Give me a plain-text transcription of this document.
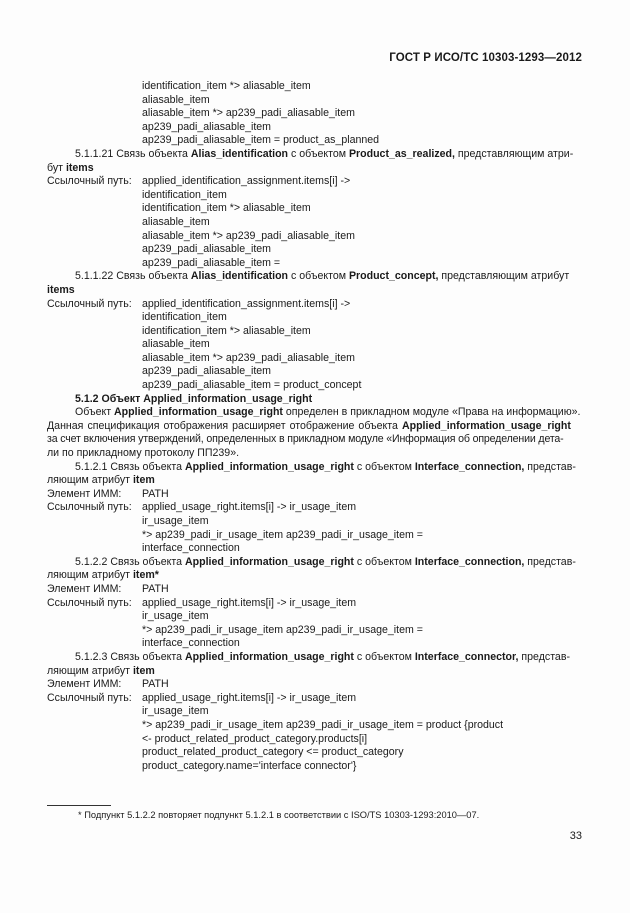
ГОСТ Р ИСО/ТС 10303-1293—2012
identification_item *> aliasable_item
aliasable_item
aliasable_item *> ap239_padi_aliasable_item
ap239_padi_aliasable_item
ap239_padi_aliasable_item = product_as_planned
5.1.1.21 Связь объекта Alias_identification с объектом Product_as_realized, представляющим атри-
бут items
Ссылочный путь: applied_identification_assignment.items[i] ->
identification_item
identification_item *> aliasable_item
aliasable_item
aliasable_item *> ap239_padi_aliasable_item
ap239_padi_aliasable_item
ap239_padi_aliasable_item =
5.1.1.22 Связь объекта Alias_identification с объектом Product_concept, представляющим атрибут
items
Ссылочный путь: applied_identification_assignment.items[i] ->
identification_item
identification_item *> aliasable_item
aliasable_item
aliasable_item *> ap239_padi_aliasable_item
ap239_padi_aliasable_item
ap239_padi_aliasable_item = product_concept
5.1.2 Объект Applied_information_usage_right
Объект Applied_information_usage_right определен в прикладном модуле «Права на информацию».
Данная спецификация отображения расширяет отображение объекта Applied_information_usage_right
за счет включения утверждений, определенных в прикладном модуле «Информация об определении дета-
ли по прикладному протоколу ПП239».
5.1.2.1 Связь объекта Applied_information_usage_right с объектом Interface_connection, представ-
ляющим атрибут item
Элемент ИММ: PATH
Ссылочный путь: applied_usage_right.items[i] -> ir_usage_item
ir_usage_item
*> ap239_padi_ir_usage_item ap239_padi_ir_usage_item =
interface_connection
5.1.2.2 Связь объекта Applied_information_usage_right с объектом Interface_connection, представ-
ляющим атрибут item*
Элемент ИММ: PATH
Ссылочный путь: applied_usage_right.items[i] -> ir_usage_item
ir_usage_item
*> ap239_padi_ir_usage_item ap239_padi_ir_usage_item =
interface_connection
5.1.2.3 Связь объекта Applied_information_usage_right с объектом Interface_connector, представ-
ляющим атрибут item
Элемент ИММ: PATH
Ссылочный путь: applied_usage_right.items[i] -> ir_usage_item
ir_usage_item
*> ap239_padi_ir_usage_item ap239_padi_ir_usage_item = product {product
<- product_related_product_category.products[i]
product_related_product_category <= product_category
product_category.name='interface connector'}
* Подпункт 5.1.2.2 повторяет подпункт 5.1.2.1 в соответствии с ISO/TS 10303-1293:2010—07.
33
